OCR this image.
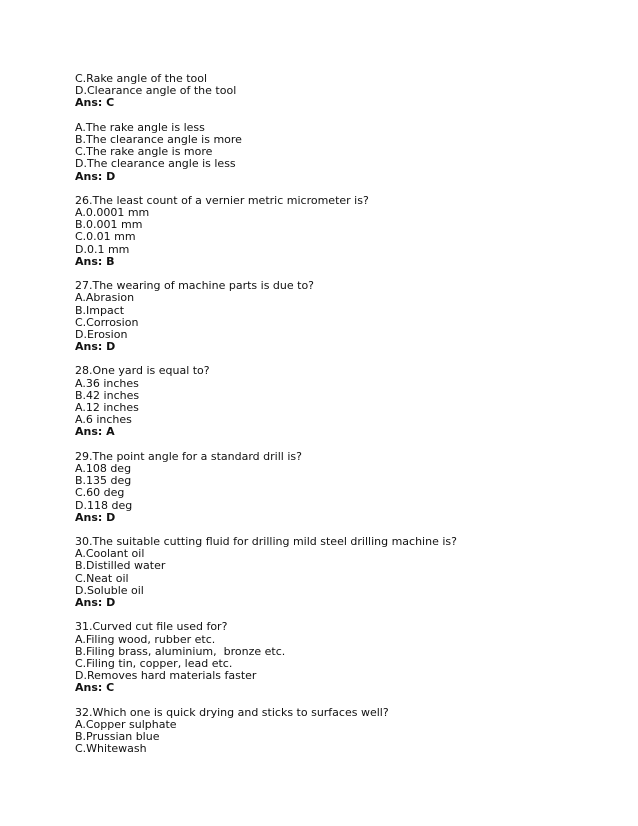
C.Rake angle of the tool
D.Clearance angle of the tool
Ans: C
A.The rake angle is less
B.The clearance angle is more
C.The rake angle is more
D.The clearance angle is less
Ans: D
26.The least count of a vernier metric micrometer is?
A.0.0001 mm
B.0.001 mm
C.0.01 mm
D.0.1 mm
Ans: B
27.The wearing of machine parts is due to?
A.Abrasion
B.Impact
C.Corrosion
D.Erosion
Ans: D
28.One yard is equal to?
A.36 inches
B.42 inches
A.12 inches
A.6 inches
Ans: A
29.The point angle for a standard drill is?
A.108 deg
B.135 deg
C.60 deg
D.118 deg
Ans: D
30.The suitable cutting fluid for drilling mild steel drilling machine is?
A.Coolant oil
B.Distilled water
C.Neat oil
D.Soluble oil
Ans: D
31.Curved cut file used for?
A.Filing wood, rubber etc.
B.Filing brass, aluminium,  bronze etc.
C.Filing tin, copper, lead etc.
D.Removes hard materials faster
Ans: C
32.Which one is quick drying and sticks to surfaces well?
A.Copper sulphate
B.Prussian blue
C.Whitewash
